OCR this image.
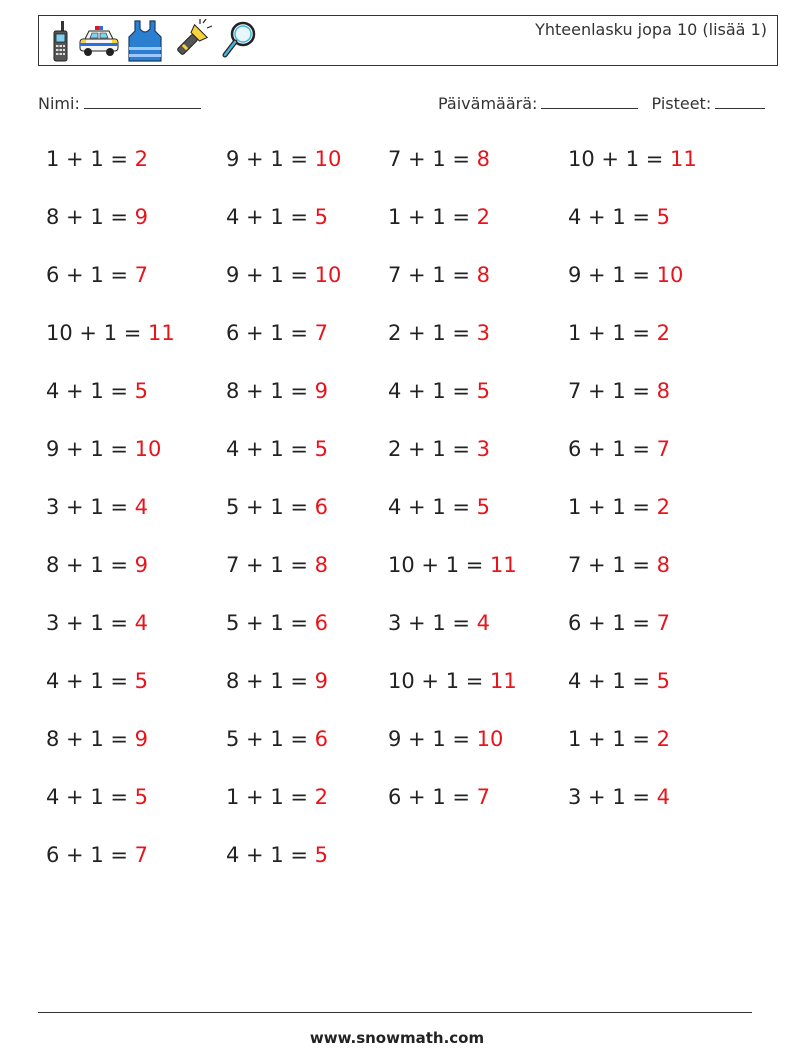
Yhteenlasku jopa 10 (lisää 1)
Nimi:	Päivämäärä:	Pisteet:
1 + 1 = 2	9 + 1 = 10 7 + 1 = 8	10 + 1 = 11
8 + 1 = 9	4 + 1 = 5	1 + 1 = 2	4 + 1 = 5
6 + 1 = 7	9 + 1 = 10 7 + 1 = 8	9 + 1 = 10
10 + 1 = 11 6 + 1 = 7	2 + 1 = 3	1 + 1 = 2
4 + 1 = 5	8 + 1 = 9	4 + 1 = 5	7 + 1 = 8
9 + 1 = 10	4 + 1 = 5	2 + 1 = 3	6 + 1 = 7
3 + 1 = 4	5 + 1 = 6	4 + 1 = 5	1 + 1 = 2
8 + 1 = 9	7 + 1 = 8	10 + 1 = 11 7 + 1 = 8
3 + 1 = 4	5 + 1 = 6	3 + 1 = 4	6 + 1 = 7
4 + 1 = 5	8 + 1 = 9	10 + 1 = 11 4 + 1 = 5
8 + 1 = 9	5 + 1 = 6	9 + 1 = 10	1 + 1 = 2
4 + 1 = 5	1 + 1 = 2	6 + 1 = 7	3 + 1 = 4
6 + 1 = 7	4 + 1 = 5
www.snowmath.com
